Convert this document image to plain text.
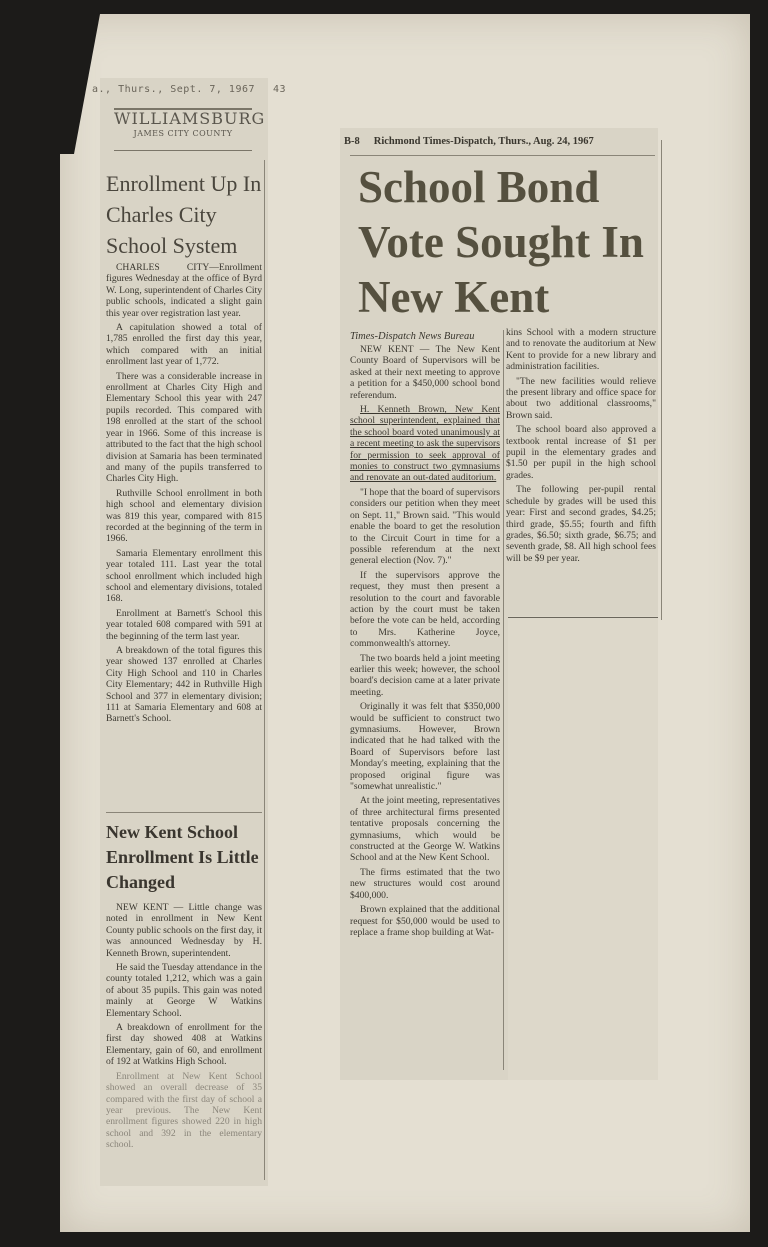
a., Thurs., Sept. 7, 1967 43
WILLIAMSBURG
JAMES CITY COUNTY
Enrollment Up In Charles City School System

CHARLES CITY—Enrollment figures Wednesday at the office of Byrd W. Long, superintendent of Charles City public schools, indicated a slight gain this year over registration last year.

A capitulation showed a total of 1,785 enrolled the first day this year, which compared with an initial enrollment last year of 1,772.

There was a considerable increase in enrollment at Charles City High and Elementary School this year with 247 pupils recorded. This compared with 198 enrolled at the start of the school year in 1966. Some of this increase is attributed to the fact that the high school division at Samaria has been terminated and many of the pupils transferred to Charles City High.

Ruthville School enrollment in both high school and elementary division was 819 this year, compared with 815 recorded at the beginning of the term in 1966.

Samaria Elementary enrollment this year totaled 111. Last year the total school enrollment which included high school and elementary divisions, totaled 168.

Enrollment at Barnett's School this year totaled 608 compared with 591 at the beginning of the term last year.

A breakdown of the total figures this year showed 137 enrolled at Charles City High School and 110 in Charles City Elementary; 442 in Ruthville High School and 377 in elementary division; 111 at Samaria Elementary and 608 at Barnett's School.

New Kent School Enrollment Is Little Changed

NEW KENT — Little change was noted in enrollment in New Kent County public schools on the first day, it was announced Wednesday by H. Kenneth Brown, superintendent.

He said the Tuesday attendance in the county totaled 1,212, which was a gain of about 35 pupils. This gain was noted mainly at George W Watkins Elementary School.

A breakdown of enrollment for the first day showed 408 at Watkins Elementary, gain of 60, and enrollment of 192 at Watkins High School.

Enrollment at New Kent School showed an overall decrease of 35 compared with the first day of school a year previous. The New Kent enrollment figures showed 220 in high school and 392 in the elementary school.

B-8 Richmond Times-Dispatch, Thurs., Aug. 24, 1967
School Bond Vote Sought In New Kent
Times-Dispatch News Bureau

NEW KENT — The New Kent County Board of Supervisors will be asked at their next meeting to approve a petition for a $450,000 school bond referendum.

H. Kenneth Brown, New Kent school superintendent, explained that the school board voted unanimously at a recent meeting to ask the supervisors for permission to seek approval of monies to construct two gymnasiums and renovate an out-dated auditorium.

"I hope that the board of supervisors considers our petition when they meet on Sept. 11," Brown said. "This would enable the board to get the resolution to the Circuit Court in time for a possible referendum at the next general election (Nov. 7)."

If the supervisors approve the request, they must then present a resolution to the court and favorable action by the court must be taken before the vote can be held, according to Mrs. Katherine Joyce, commonwealth's attorney.

The two boards held a joint meeting earlier this week; however, the school board's decision came at a later private meeting.

Originally it was felt that $350,000 would be sufficient to construct two gymnasiums. However, Brown indicated that he had talked with the Board of Supervisors before last Monday's meeting, explaining that the proposed original figure was "somewhat unrealistic."

At the joint meeting, representatives of three architectural firms presented tentative proposals concerning the gymnasiums, which would be constructed at the George W. Watkins School and at the New Kent School.

The firms estimated that the two new structures would cost around $400,000.

Brown explained that the additional request for $50,000 would be used to replace a frame shop building at Wat-

kins School with a modern structure and to renovate the auditorium at New Kent to provide for a new library and administration facilities.

"The new facilities would relieve the present library and office space for about two additional classrooms," Brown said.

The school board also approved a textbook rental increase of $1 per pupil in the elementary grades and $1.50 per pupil in the high school grades.

The following per-pupil rental schedule by grades will be used this year: First and second grades, $4.25; third grade, $5.55; fourth and fifth grades, $6.50; sixth grade, $6.75; and seventh grade, $8. All high school fees will be $9 per year.
